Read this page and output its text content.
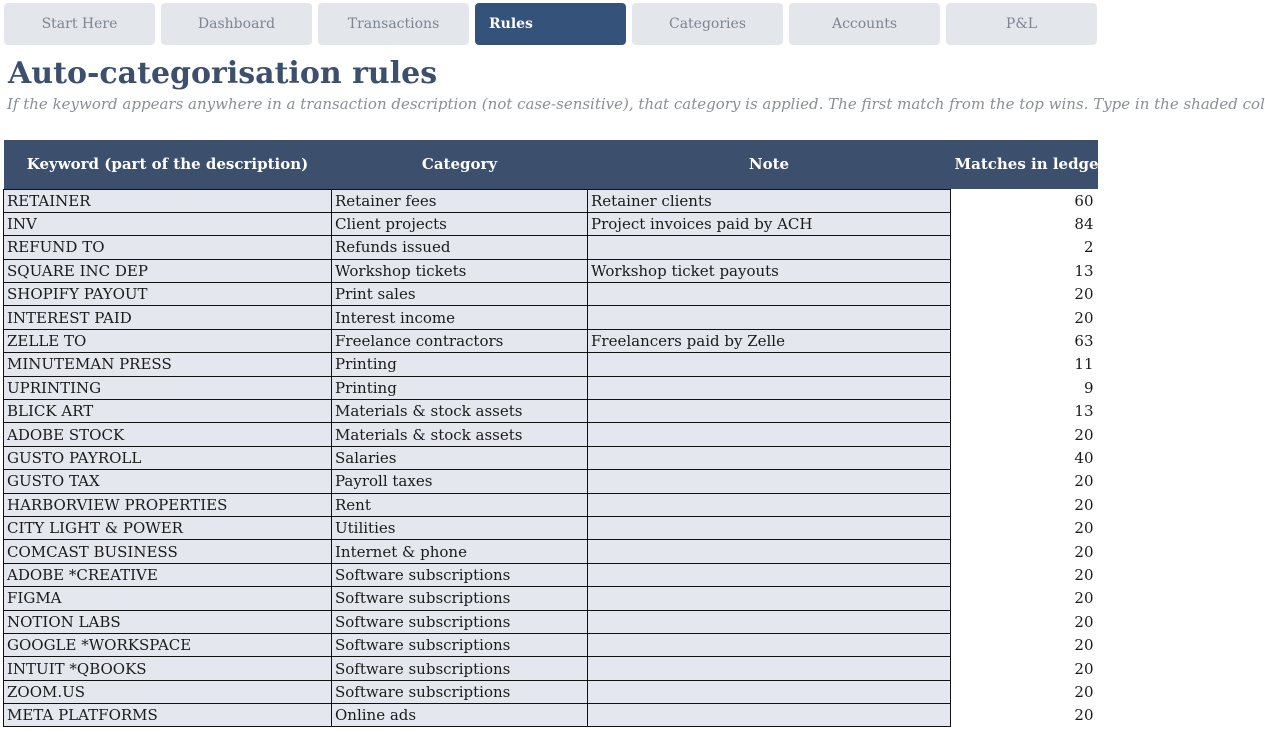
Start Here	Dashboard	Transactions	Rules	Categories	Accounts	P&L
Auto-categorisation rules
If the keyword appears anywhere in a transaction description (not case-sensitive), that category is applied. The first match from the top wins. Type in the shaded col
Keyword (part of the description)	Category	Note	Matches in ledger
RETAINER	Retainer fees	Retainer clients	60
INV	Client projects	Project invoices paid by ACH	84
REFUND TO	Refunds issued		2
SQUARE INC DEP	Workshop tickets	Workshop ticket payouts	13
SHOPIFY PAYOUT	Print sales		20
INTEREST PAID	Interest income		20
ZELLE TO	Freelance contractors	Freelancers paid by Zelle	63
MINUTEMAN PRESS	Printing		11
UPRINTING	Printing		9
BLICK ART	Materials & stock assets		13
ADOBE STOCK	Materials & stock assets		20
GUSTO PAYROLL	Salaries		40
GUSTO TAX	Payroll taxes		20
HARBORVIEW PROPERTIES	Rent		20
CITY LIGHT & POWER	Utilities		20
COMCAST BUSINESS	Internet & phone		20
ADOBE *CREATIVE	Software subscriptions		20
FIGMA	Software subscriptions		20
NOTION LABS	Software subscriptions		20
GOOGLE *WORKSPACE	Software subscriptions		20
INTUIT *QBOOKS	Software subscriptions		20
ZOOM.US	Software subscriptions		20
META PLATFORMS	Online ads		20
